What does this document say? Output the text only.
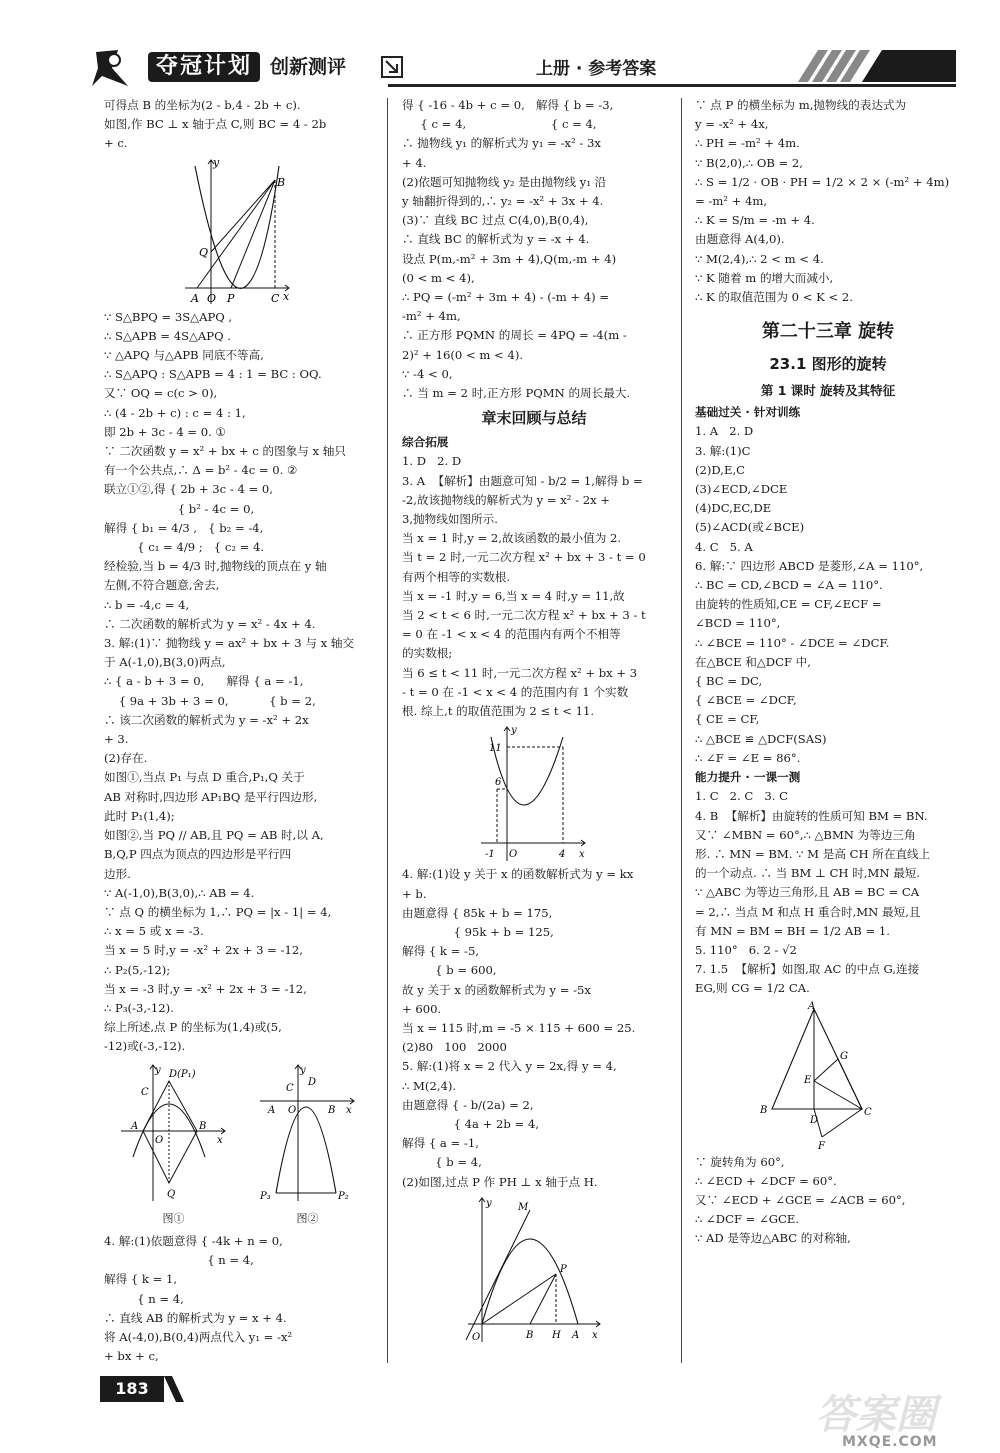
夺冠计划 创新测评	上册 · 参考答案
可得点 B 的坐标为(2 - b,4 - 2b + c).
如图,作 BC ⊥ x 轴于点 C,则 BC = 4 - 2b
+ c.
y
B
Q
A O P	C x
∵ S△BPQ = 3S△APQ ,
∴ S△APB = 4S△APQ .
∵ △APQ 与△APB 同底不等高,
∴ S△APQ : S△APB = 4 : 1 = BC : OQ.
又∵ OQ = c(c > 0),
∴ (4 - 2b + c) : c = 4 : 1,
即 2b + 3c - 4 = 0. ①
∵ 二次函数 y = x² + bx + c 的图象与 x 轴只
有一个公共点,∴ Δ = b² - 4c = 0. ②
联立①②,得 { 2b + 3c - 4 = 0,
{ b² - 4c = 0,
解得 { b₁ = 4/3 ,   { b₂ = -4,
{ c₁ = 4/9 ;   { c₂ = 4.
经检验,当 b = 4/3 时,抛物线的顶点在 y 轴
左侧,不符合题意,舍去,
∴ b = -4,c = 4,
∴ 二次函数的解析式为 y = x² - 4x + 4.
3. 解:(1)∵ 抛物线 y = ax² + bx + 3 与 x 轴交
于 A(-1,0),B(3,0)两点,
∴ { a - b + 3 = 0,      解得 { a = -1,
{ 9a + 3b + 3 = 0,           { b = 2,
∴ 该二次函数的解析式为 y = -x² + 2x
+ 3.
(2)存在.
如图①,当点 P₁ 与点 D 重合,P₁,Q 关于
AB 对称时,四边形 AP₁BQ 是平行四边形,
此时 P₁(1,4);
如图②,当 PQ // AB,且 PQ = AB 时,以 A,
B,Q,P 四点为顶点的四边形是平行四
边形.
∵ A(-1,0),B(3,0),∴ AB = 4.
∵ 点 Q 的横坐标为 1,∴ PQ = |x - 1| = 4,
∴ x = 5 或 x = -3.
当 x = 5 时,y = -x² + 2x + 3 = -12,
∴ P₂(5,-12);
当 x = -3 时,y = -x² + 2x + 3 = -12,
∴ P₃(-3,-12).
综上所述,点 P 的坐标为(1,4)或(5,
-12)或(-3,-12).
y D(P₁)
C
A	B
O
Q
x
图①
y
D
C
O
A	B x
P₃	P₂
图②
4. 解:(1)依题意得 { -4k + n = 0,
{ n = 4,
解得 { k = 1,
{ n = 4,
∴ 直线 AB 的解析式为 y = x + 4.
将 A(-4,0),B(0,4)两点代入 y₁ = -x²
+ bx + c,
得 { -16 - 4b + c = 0,   解得 { b = -3,
{ c = 4,                       { c = 4,
∴ 抛物线 y₁ 的解析式为 y₁ = -x² - 3x
+ 4.
(2)依题可知抛物线 y₂ 是由抛物线 y₁ 沿
y 轴翻折得到的,∴ y₂ = -x² + 3x + 4.
(3)∵ 直线 BC 过点 C(4,0),B(0,4),
∴ 直线 BC 的解析式为 y = -x + 4.
设点 P(m,-m² + 3m + 4),Q(m,-m + 4)
(0 < m < 4),
∴ PQ = (-m² + 3m + 4) - (-m + 4) =
-m² + 4m,
∴ 正方形 PQMN 的周长 = 4PQ = -4(m -
2)² + 16(0 < m < 4).
∵ -4 < 0,
∴ 当 m = 2 时,正方形 PQMN 的周长最大.
章末回顾与总结
综合拓展
1. D   2. D
3. A  【解析】由题意可知 - b/2 = 1,解得 b =
-2,故该抛物线的解析式为 y = x² - 2x +
3,抛物线如图所示.
当 x = 1 时,y = 2,故该函数的最小值为 2.
当 t = 2 时,一元二次方程 x² + bx + 3 - t = 0
有两个相等的实数根.
当 x = -1 时,y = 6,当 x = 4 时,y = 11,故
当 2 < t < 6 时,一元二次方程 x² + bx + 3 - t
= 0 在 -1 < x < 4 的范围内有两个不相等
的实数根;
当 6 ≤ t < 11 时,一元二次方程 x² + bx + 3
- t = 0 在 -1 < x < 4 的范围内有 1 个实数
根. 综上,t 的取值范围为 2 ≤ t < 11.
y
11
6
-1 O	4 x
4. 解:(1)设 y 关于 x 的函数解析式为 y = kx
+ b.
由题意得 { 85k + b = 175,
{ 95k + b = 125,
解得 { k = -5,
{ b = 600,
故 y 关于 x 的函数解析式为 y = -5x
+ 600.
当 x = 115 时,m = -5 × 115 + 600 = 25.
(2)80   100   2000
5. 解:(1)将 x = 2 代入 y = 2x,得 y = 4,
∴ M(2,4).
由题意得 { - b/(2a) = 2,
{ 4a + 2b = 4,
解得 { a = -1,
{ b = 4,
(2)如图,过点 P 作 PH ⊥ x 轴于点 H.
y	M
P
O	B H A x
∵ 点 P 的横坐标为 m,抛物线的表达式为
y = -x² + 4x,
∴ PH = -m² + 4m.
∵ B(2,0),∴ OB = 2,
∴ S = 1/2 · OB · PH = 1/2 × 2 × (-m² + 4m)
= -m² + 4m,
∴ K = S/m = -m + 4.
由题意得 A(4,0).
∵ M(2,4),∴ 2 < m < 4.
∵ K 随着 m 的增大而减小,
∴ K 的取值范围为 0 < K < 2.
第二十三章 旋转
23.1 图形的旋转
第 1 课时 旋转及其特征
基础过关 · 针对训练
1. A   2. D
3. 解:(1)C
(2)D,E,C
(3)∠ECD,∠DCE
(4)DC,EC,DE
(5)∠ACD(或∠BCE)
4. C   5. A
6. 解:∵ 四边形 ABCD 是菱形,∠A = 110°,
∴ BC = CD,∠BCD = ∠A = 110°.
由旋转的性质知,CE = CF,∠ECF =
∠BCD = 110°,
∴ ∠BCE = 110° - ∠DCE = ∠DCF.
在△BCE 和△DCF 中,
{ BC = DC,
{ ∠BCE = ∠DCF,
{ CE = CF,
∴ △BCE ≌ △DCF(SAS)
∴ ∠F = ∠E = 86°.
能力提升 · 一课一测
1. C   2. C   3. C
4. B  【解析】由旋转的性质可知 BM = BN.
又∵ ∠MBN = 60°,∴ △BMN 为等边三角
形. ∴ MN = BM. ∵ M 是高 CH 所在直线上
的一个动点. ∴ 当 BM ⊥ CH 时,MN 最短.
∵ △ABC 为等边三角形,且 AB = BC = CA
= 2,∴ 当点 M 和点 H 重合时,MN 最短,且
有 MN = BM = BH = 1/2 AB = 1.
5. 110°   6. 2 - √2
7. 1.5  【解析】如图,取 AC 的中点 G,连接
EG,则 CG = 1/2 CA.
A
G
E
B
D
C
F
∵ 旋转角为 60°,
∴ ∠ECD + ∠DCF = 60°.
又∵ ∠ECD + ∠GCE = ∠ACB = 60°,
∴ ∠DCF = ∠GCE.
∵ AD 是等边△ABC 的对称轴,
183
答案圈
MXQE.COM
